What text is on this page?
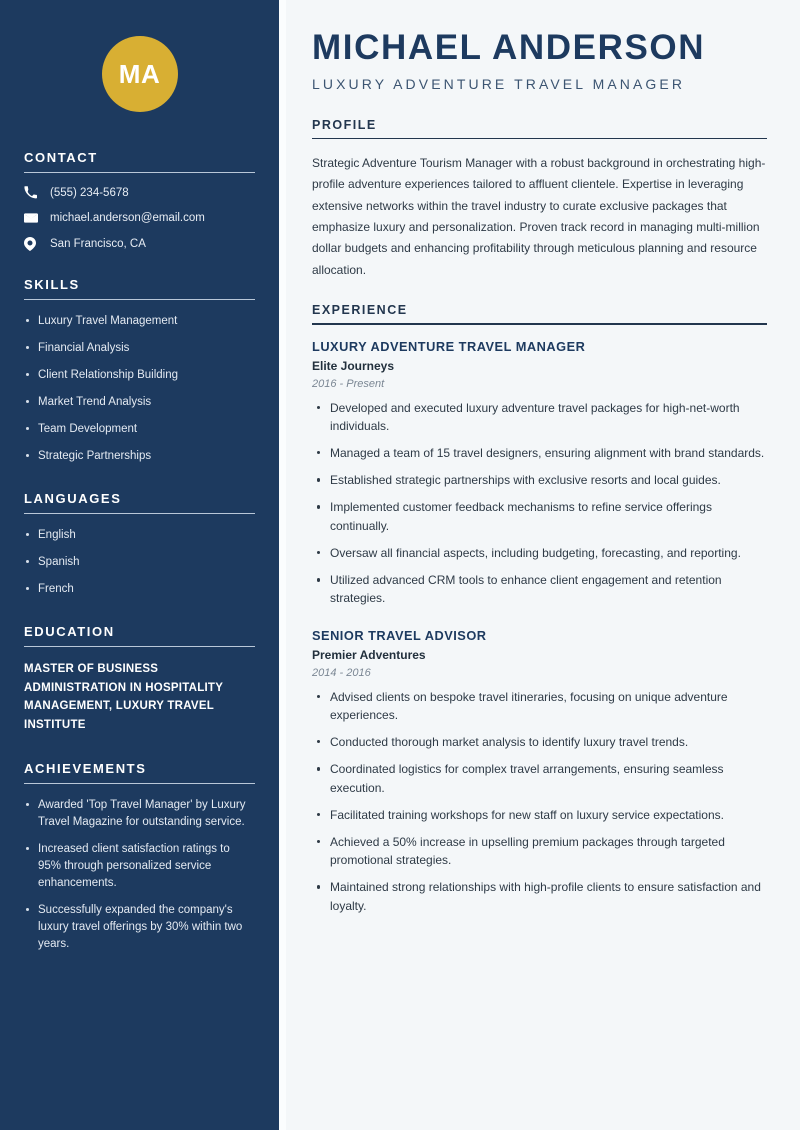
MA
CONTACT
(555) 234-5678
michael.anderson@email.com
San Francisco, CA
SKILLS
Luxury Travel Management
Financial Analysis
Client Relationship Building
Market Trend Analysis
Team Development
Strategic Partnerships
LANGUAGES
English
Spanish
French
EDUCATION
MASTER OF BUSINESS ADMINISTRATION IN HOSPITALITY MANAGEMENT, LUXURY TRAVEL INSTITUTE
ACHIEVEMENTS
Awarded 'Top Travel Manager' by Luxury Travel Magazine for outstanding service.
Increased client satisfaction ratings to 95% through personalized service enhancements.
Successfully expanded the company's luxury travel offerings by 30% within two years.
MICHAEL ANDERSON
LUXURY ADVENTURE TRAVEL MANAGER
PROFILE

Strategic Adventure Tourism Manager with a robust background in orchestrating high-profile adventure experiences tailored to affluent clientele. Expertise in leveraging extensive networks within the travel industry to curate exclusive packages that emphasize luxury and personalization. Proven track record in managing multi-million dollar budgets and enhancing profitability through meticulous planning and resource allocation.

EXPERIENCE
LUXURY ADVENTURE TRAVEL MANAGER
Elite Journeys
2016 - Present
Developed and executed luxury adventure travel packages for high-net-worth individuals.
Managed a team of 15 travel designers, ensuring alignment with brand standards.
Established strategic partnerships with exclusive resorts and local guides.
Implemented customer feedback mechanisms to refine service offerings continually.
Oversaw all financial aspects, including budgeting, forecasting, and reporting.
Utilized advanced CRM tools to enhance client engagement and retention strategies.
SENIOR TRAVEL ADVISOR
Premier Adventures
2014 - 2016
Advised clients on bespoke travel itineraries, focusing on unique adventure experiences.
Conducted thorough market analysis to identify luxury travel trends.
Coordinated logistics for complex travel arrangements, ensuring seamless execution.
Facilitated training workshops for new staff on luxury service expectations.
Achieved a 50% increase in upselling premium packages through targeted promotional strategies.
Maintained strong relationships with high-profile clients to ensure satisfaction and loyalty.
